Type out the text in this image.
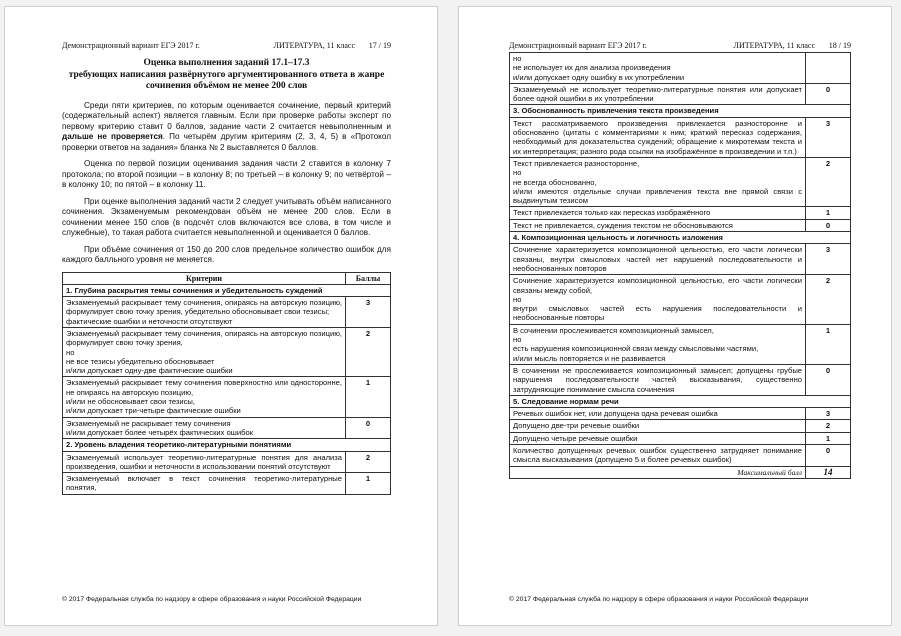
Демонстрационный вариант ЕГЭ 2017 г.	ЛИТЕРАТУРА, 11 класс	17 / 19
Оценка выполнения заданий 17.1–17.3
требующих написания развёрнутого аргументированного ответа в жанре
сочинения объёмом не менее 200 слов

Среди пяти критериев, по которым оценивается сочинение, первый критерий (содержательный аспект) является главным. Если при проверке работы эксперт по первому критерию ставит 0 баллов, задание части 2 считается невыполненным и дальше не проверяется. По четырём другим критериям (2, 3, 4, 5) в «Протокол проверки ответов на задания» бланка № 2 выставляется 0 баллов.

Оценка по первой позиции оценивания задания части 2 ставится в колонку 7 протокола; по второй позиции – в колонку 8; по третьей – в колонку 9; по четвёртой – в колонку 10; по пятой – в колонку 11.

При оценке выполнения заданий части 2 следует учитывать объём написанного сочинения. Экзаменуемым рекомендован объём не менее 200 слов. Если в сочинении менее 150 слов (в подсчёт слов включаются все слова, в том числе и служебные), то такая работа считается невыполненной и оценивается 0 баллов.

При объёме сочинения от 150 до 200 слов предельное количество ошибок для каждого балльного уровня не меняется.

Критерии	Баллы
1. Глубина раскрытия темы сочинения и убедительность суждений	

Экзаменуемый раскрывает тему сочинения, опираясь на авторскую позицию, формулирует свою точку зрения, убедительно обосновывает свои тезисы;
фактические ошибки и неточности отсутствуют	3

Экзаменуемый раскрывает тему сочинения, опираясь на авторскую позицию, формулирует свою точку зрения,
но
не все тезисы убедительно обосновывает
и/или допускает одну-две фактические ошибки	2

Экзаменуемый раскрывает тему сочинения поверхностно или односторонне, не опираясь на авторскую позицию,
и/или не обосновывает свои тезисы,
и/или допускает три-четыре фактические ошибки	1

Экзаменуемый не раскрывает тему сочинения
и/или допускает более четырёх фактических ошибок	0
2. Уровень владения теоретико-литературными понятиями	

Экзаменуемый использует теоретико-литературные понятия для анализа произведения, ошибки и неточности в использовании понятий отсутствуют	2

Экзаменуемый включает в текст сочинения теоретико-литературные понятия,	1
© 2017 Федеральная служба по надзору в сфере образования и науки Российской Федерации
Демонстрационный вариант ЕГЭ 2017 г.	ЛИТЕРАТУРА, 11 класс	18 / 19
но
не использует их для анализа произведения
и/или допускает одну ошибку в их употреблении	

Экзаменуемый не использует теоретико-литературные понятия или допускает более одной ошибки в их употреблении	0
3. Обоснованность привлечения текста произведения	

Текст рассматриваемого произведения привлекается разносторонне и обоснованно (цитаты с комментариями к ним; краткий пересказ содержания, необходимый для доказательства суждений; обращение к микротемам текста и их интерпретация; разного рода ссылки на изображённое в произведении и т.п.)	3

Текст привлекается разносторонне,
но
не всегда обоснованно,
и/или имеются отдельные случаи привлечения текста вне прямой связи с выдвинутым тезисом	2

Текст привлекается только как пересказ изображённого	1

Текст не привлекается, суждения текстом не обосновываются	0
4. Композиционная цельность и логичность изложения	

Сочинение характеризуется композиционной цельностью, его части логически связаны, внутри смысловых частей нет нарушений последовательности и необоснованных повторов	3

Сочинение характеризуется композиционной цельностью, его части логически связаны между собой,
но
внутри смысловых частей есть нарушения последовательности и необоснованные повторы	2

В сочинении прослеживается композиционный замысел,
но
есть нарушения композиционной связи между смысловыми частями,
и/или мысль повторяется и не развивается	1

В сочинении не прослеживается композиционный замысел; допущены грубые нарушения последовательности частей высказывания, существенно затрудняющие понимание смысла сочинения	0
5. Следование нормам речи	

Речевых ошибок нет, или допущена одна речевая ошибка	3

Допущено две-три речевые ошибки	2

Допущено четыре речевые ошибки	1

Количество допущенных речевых ошибок существенно затрудняет понимание смысла высказывания (допущено 5 и более речевых ошибок)	0
Максимальный балл	14
© 2017 Федеральная служба по надзору в сфере образования и науки Российской Федерации
